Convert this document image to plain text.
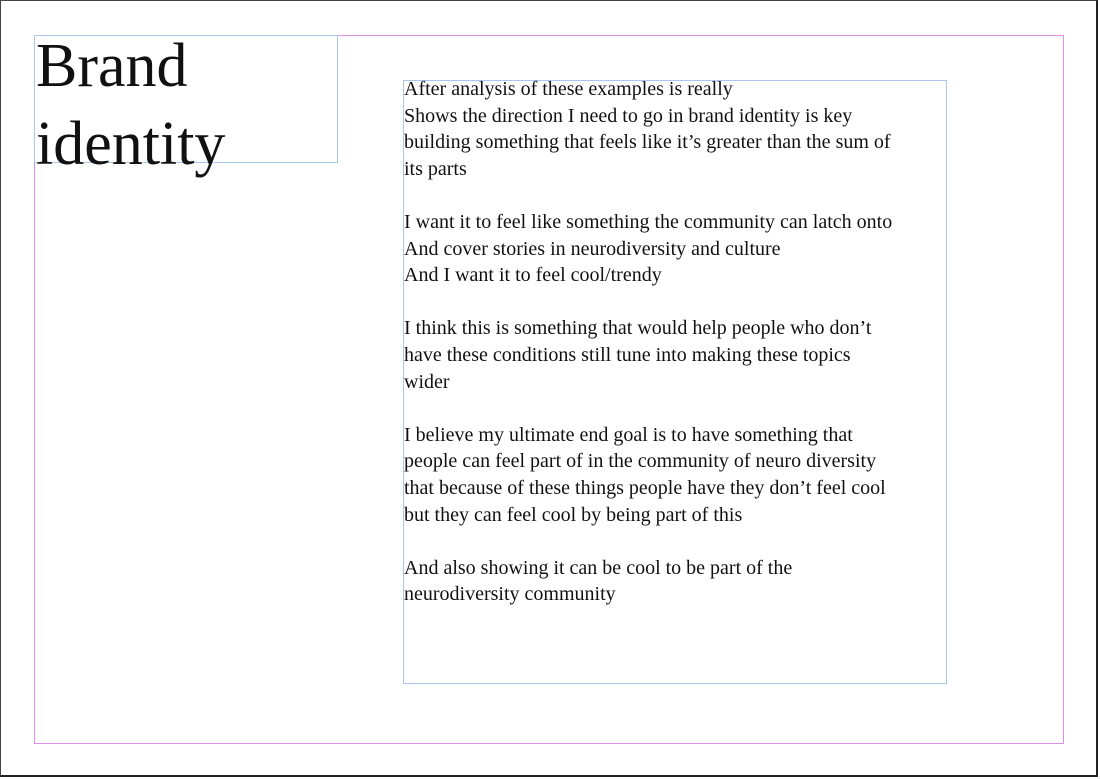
Brand
identity

After analysis of these examples is really
Shows the direction I need to go in brand identity is key
building something that feels like it’s greater than the sum of
its parts

I want it to feel like something the community can latch onto
And cover stories in neurodiversity and culture
And I want it to feel cool/trendy

I think this is something that would help people who don’t
have these conditions still tune into making these topics
wider

I believe my ultimate end goal is to have something that
people can feel part of in the community of neuro diversity
that because of these things people have they don’t feel cool
but they can feel cool by being part of this

And also showing it can be cool to be part of the
neurodiversity community
